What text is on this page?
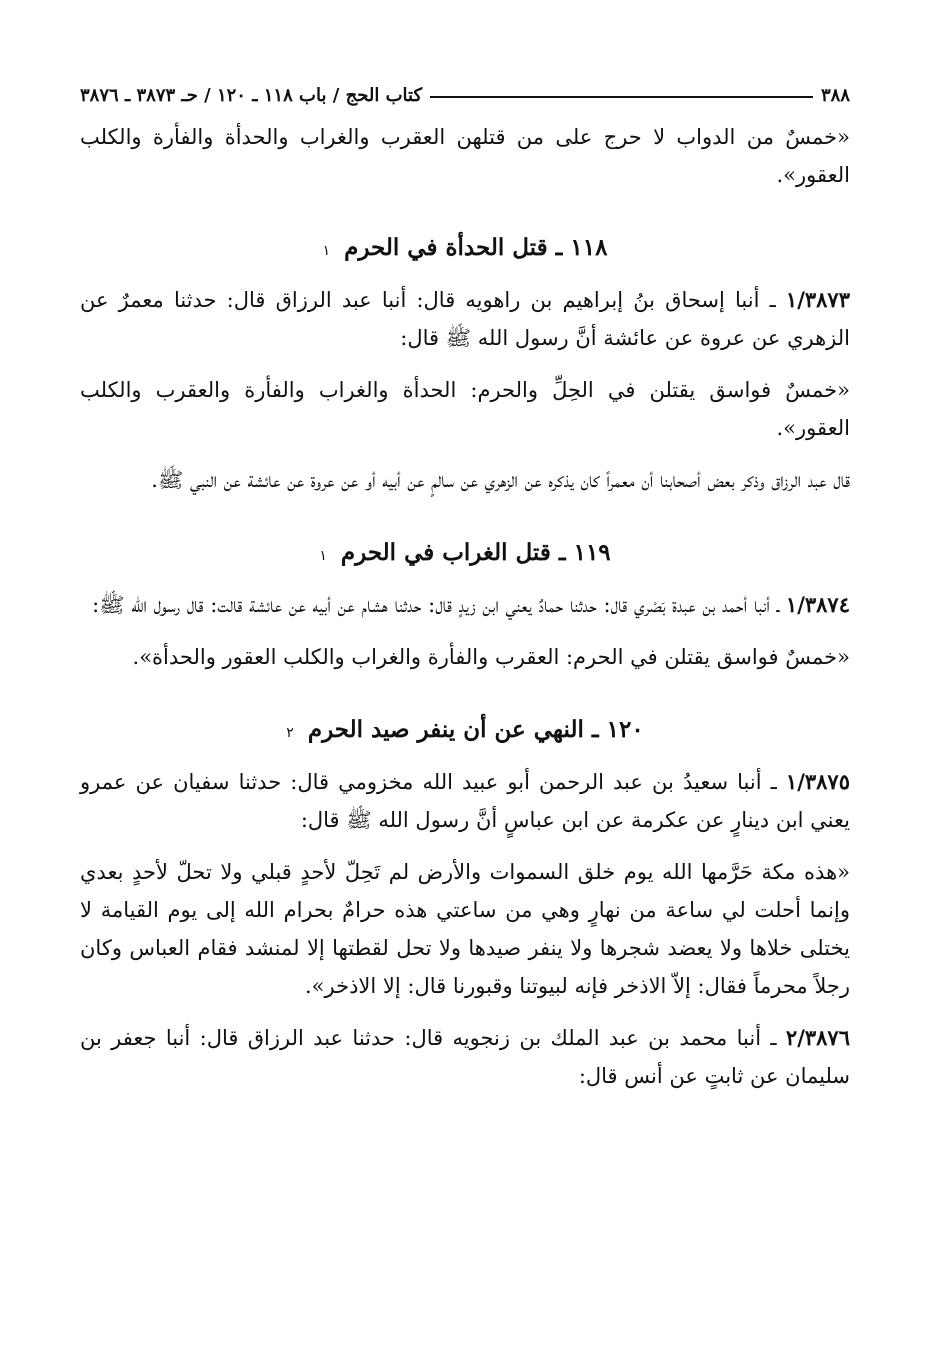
٣٨٨
كتاب الحج / باب ١١٨ ـ ١٢٠ / حـ ٣٨٧٣ ـ ٣٨٧٦

«خمسٌ من الدواب لا حرج على من قتلهن العقرب والغراب والحدأة والفأرة والكلب العقور».

١١٨ ـ قتل الحدأة في الحرم ١

١/٣٨٧٣ ـ أنبا إسحاق بنُ إبراهيم بن راهويه قال: أنبا عبد الرزاق قال: حدثنا معمرٌ عن الزهري عن عروة عن عائشة أنَّ رسول الله ﷺ قال:

«خمسٌ فواسق يقتلن في الحِلِّ والحرم: الحدأة والغراب والفأرة والعقرب والكلب العقور».

قال عبد الرزاق وذكر بعض أصحابنا أن معمراً كان يذكره عن الزهري عن سالمٍ عن أبيه أو عن عروة عن عائشة عن النبي ﷺ.

١١٩ ـ قتل الغراب في الحرم ١

١/٣٨٧٤ ـ أنبا أحمد بن عبدة بَصْري قال: حدثنا حمادٌ يعني ابن زيدٍ قال: حدثنا هشام عن أبيه عن عائشة قالت: قال رسول الله ﷺ:

«خمسٌ فواسق يقتلن في الحرم: العقرب والفأرة والغراب والكلب العقور والحدأة».

١٢٠ ـ النهي عن أن ينفر صيد الحرم ٢

١/٣٨٧٥ ـ أنبا سعيدُ بن عبد الرحمن أبو عبيد الله مخزومي قال: حدثنا سفيان عن عمرو يعني ابن دينارٍ عن عكرمة عن ابن عباسٍ أنَّ رسول الله ﷺ قال:

«هذه مكة حَرَّمها الله يوم خلق السموات والأرض لم تَحِلّ لأحدٍ قبلي ولا تحلّ لأحدٍ بعدي وإنما أحلت لي ساعة من نهارٍ وهي من ساعتي هذه حرامٌ بحرام الله إلى يوم القيامة لا يختلى خلاها ولا يعضد شجرها ولا ينفر صيدها ولا تحل لقطتها إلا لمنشد فقام العباس وكان رجلاً محرماً فقال: إلاّ الاذخر فإنه لبيوتنا وقبورنا قال: إلا الاذخر».

٢/٣٨٧٦ ـ أنبا محمد بن عبد الملك بن زنجويه قال: حدثنا عبد الرزاق قال: أنبا جعفر بن سليمان عن ثابتٍ عن أنس قال:
